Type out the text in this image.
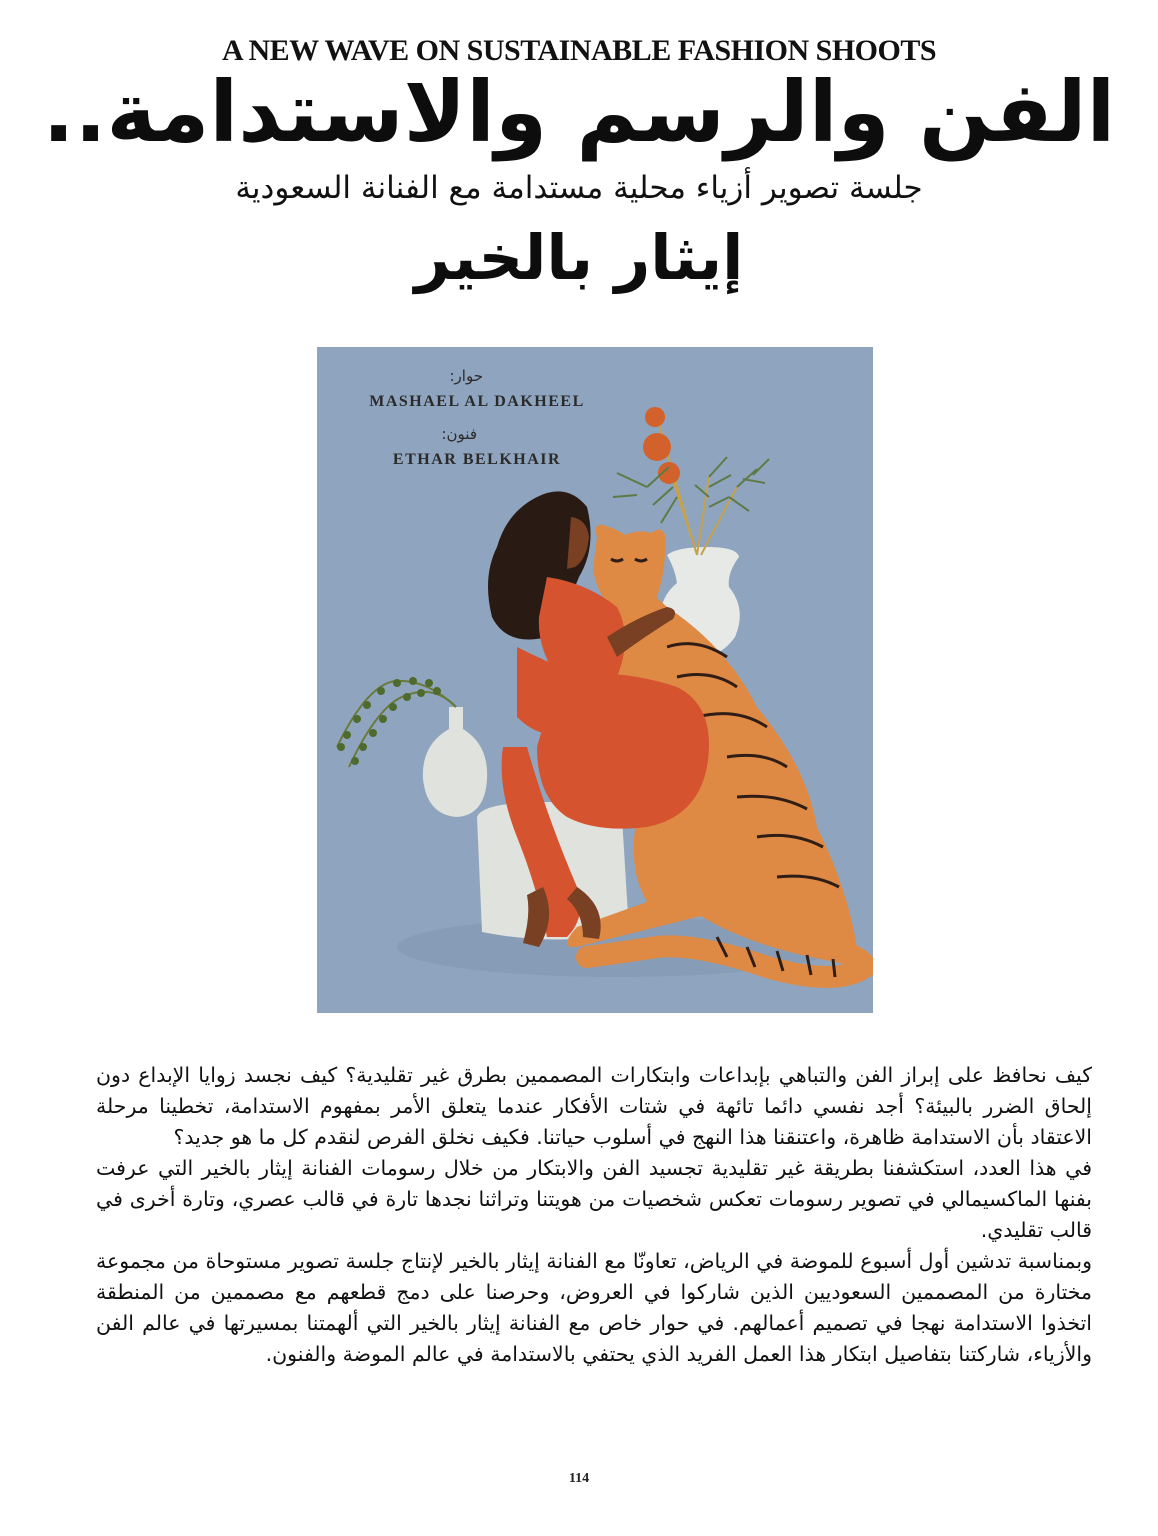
A NEW WAVE ON SUSTAINABLE FASHION SHOOTS
الفن والرسم والاستدامة..
جلسة تصوير أزياء محلية مستدامة مع الفنانة السعودية
إيثار بالخير
حوار:
MASHAEL AL DAKHEEL
فنون:
ETHAR BELKHAIR

كيف نحافظ على إبراز الفن والتباهي بإبداعات وابتكارات المصممين بطرق غير تقليدية؟ كيف نجسد زوايا الإبداع دون إلحاق الضرر بالبيئة؟ أجد نفسي دائما تائهة في شتات الأفكار عندما يتعلق الأمر بمفهوم الاستدامة، تخطينا مرحلة الاعتقاد بأن الاستدامة ظاهرة، واعتنقنا هذا النهج في أسلوب حياتنا. فكيف نخلق الفرص لنقدم كل ما هو جديد؟

في هذا العدد، استكشفنا بطريقة غير تقليدية تجسيد الفن والابتكار من خلال رسومات الفنانة إيثار بالخير التي عرفت بفنها الماكسيمالي في تصوير رسومات تعكس شخصيات من هويتنا وتراثنا نجدها تارة في قالب عصري، وتارة أخرى في قالب تقليدي.

وبمناسبة تدشين أول أسبوع للموضة في الرياض، تعاونّا مع الفنانة إيثار بالخير لإنتاج جلسة تصوير مستوحاة من مجموعة مختارة من المصممين السعوديين الذين شاركوا في العروض، وحرصنا على دمج قطعهم مع مصممين من المنطقة اتخذوا الاستدامة نهجا في تصميم أعمالهم. في حوار خاص مع الفنانة إيثار بالخير التي ألهمتنا بمسيرتها في عالم الفن والأزياء، شاركتنا بتفاصيل ابتكار هذا العمل الفريد الذي يحتفي بالاستدامة في عالم الموضة والفنون.

114
